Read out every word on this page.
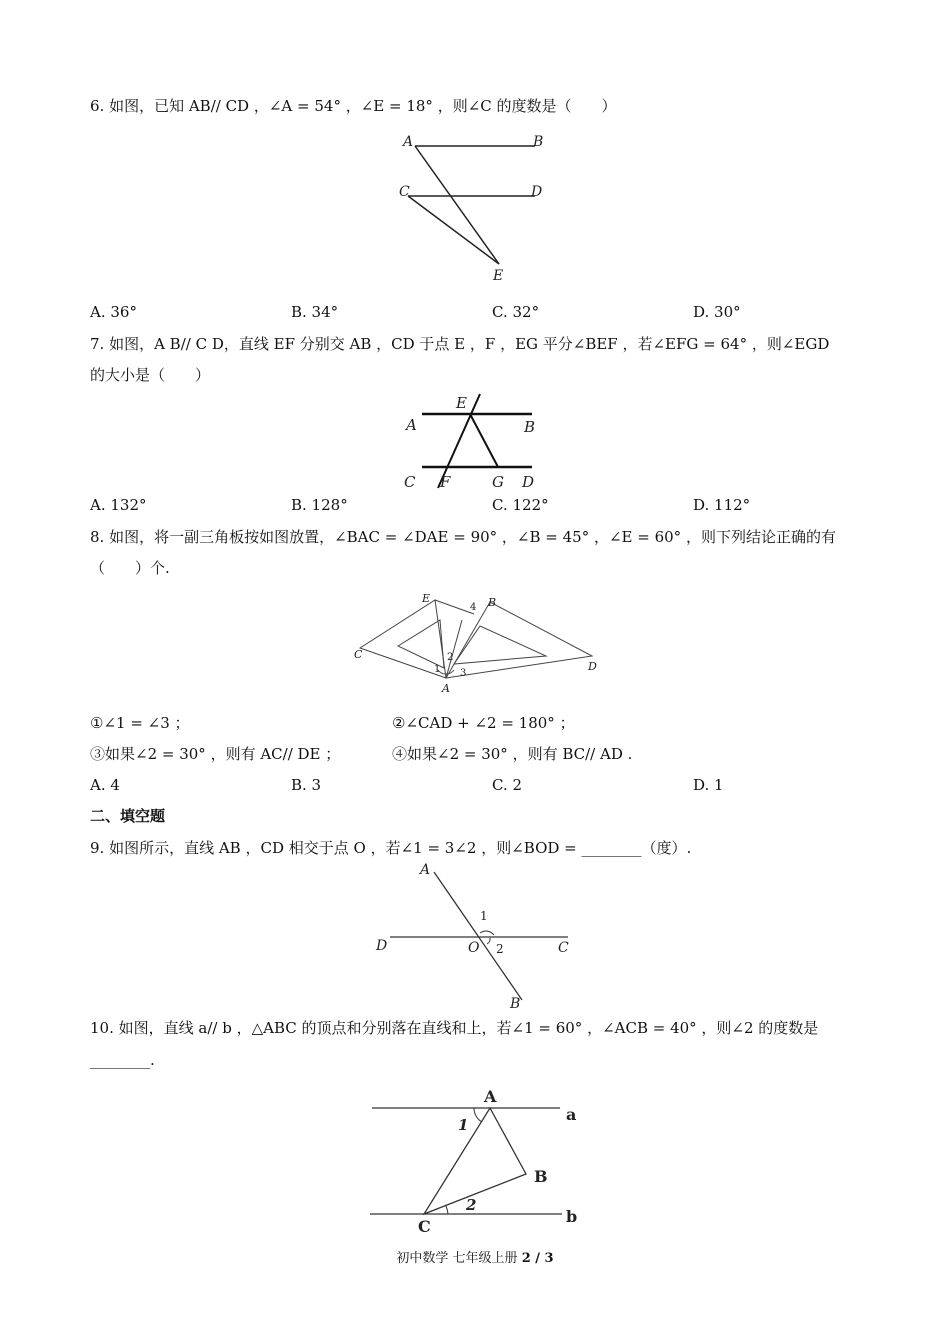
6. 如图，已知 AB// CD ，∠A = 54° ，∠E = 18° ，则∠C 的度数是（　　）
A	B
C	D
E
A. 36°	B. 34°	C. 32°	D. 30°
7. 如图，A B// C D，直线 EF 分别交 AB ，CD 于点 E ，F ，EG 平分∠BEF ，若∠EFG = 64° ，则∠EGD
的大小是（　　）
E
A	B
C F	G D
A. 132°	B. 128°	C. 122°	D. 112°
8. 如图，将一副三角板按如图放置，∠BAC = ∠DAE = 90° ，∠B = 45° ，∠E = 60° ，则下列结论正确的有
（　　）个.
E	B
C
D
A
1
2
3
4
①∠1 = ∠3 ；	②∠CAD + ∠2 = 180° ；
③如果∠2 = 30° ，则有 AC// DE ；	④如果∠2 = 30° ，则有 BC// AD .
A. 4	B. 3	C. 2	D. 1
二、填空题
9. 如图所示，直线 AB ，CD 相交于点 O ，若∠1 = 3∠2 ，则∠BOD = ________（度）.
A
D	O	C
B
1
2
10. 如图，直线 a// b ，△ABC 的顶点和分别落在直线和上，若∠1 = 60° ，∠ACB = 40° ，则∠2 的度数是
________.
A
B
C
a
b
1
2
初中数学 七年级上册 2 / 3
